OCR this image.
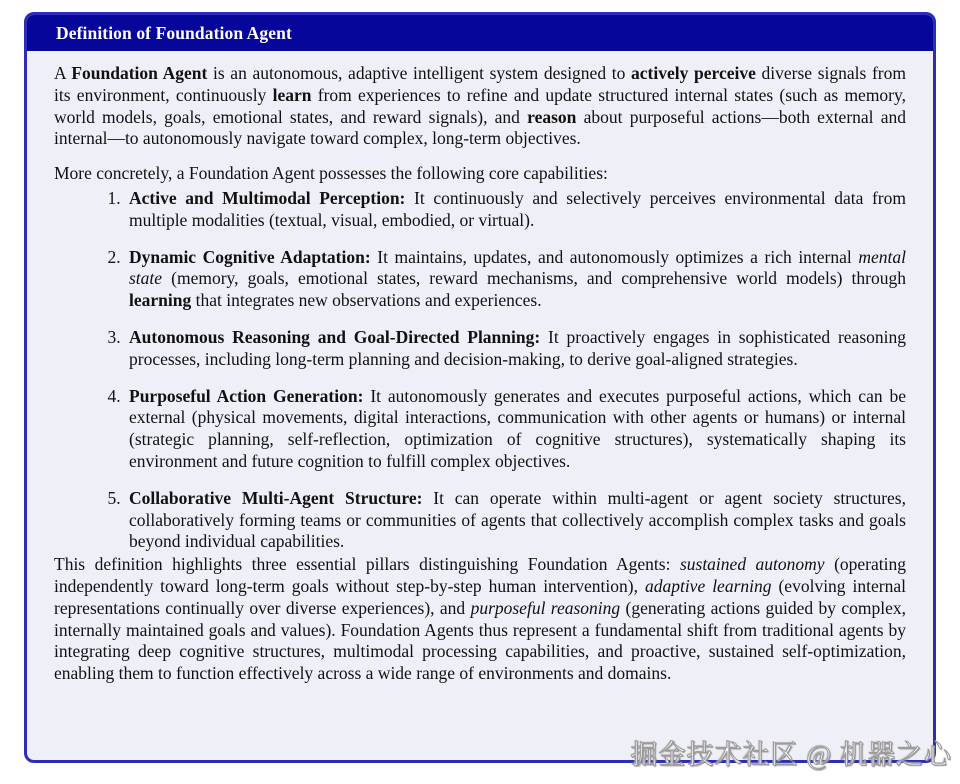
Definition of Foundation Agent

A Foundation Agent is an autonomous, adaptive intelligent system designed to actively perceive diverse signals from its environment, continuously learn from experiences to refine and update structured internal states (such as memory, world models, goals, emotional states, and reward signals), and reason about purposeful actions—both external and internal—to autonomously navigate toward complex, long-term objectives.

More concretely, a Foundation Agent possesses the following core capabilities:

1. Active and Multimodal Perception: It continuously and selectively perceives environmental data from multiple modalities (textual, visual, embodied, or virtual).
2. Dynamic Cognitive Adaptation: It maintains, updates, and autonomously optimizes a rich internal mental state (memory, goals, emotional states, reward mechanisms, and comprehensive world models) through learning that integrates new observations and experiences.
3. Autonomous Reasoning and Goal-Directed Planning: It proactively engages in sophisticated reasoning processes, including long-term planning and decision-making, to derive goal-aligned strategies.
4. Purposeful Action Generation: It autonomously generates and executes purposeful actions, which can be external (physical movements, digital interactions, communication with other agents or humans) or internal (strategic planning, self-reflection, optimization of cognitive structures), systematically shaping its environment and future cognition to fulfill complex objectives.
5. Collaborative Multi-Agent Structure: It can operate within multi-agent or agent society structures, collaboratively forming teams or communities of agents that collectively accomplish complex tasks and goals beyond individual capabilities.

This definition highlights three essential pillars distinguishing Foundation Agents: sustained autonomy (operating independently toward long-term goals without step-by-step human intervention), adaptive learning (evolving internal representations continually over diverse experiences), and purposeful reasoning (generating actions guided by complex, internally maintained goals and values). Foundation Agents thus represent a fundamental shift from traditional agents by integrating deep cognitive structures, multimodal processing capabilities, and proactive, sustained self-optimization, enabling them to function effectively across a wide range of environments and domains.

掘金技术社区 @ 机器之心
